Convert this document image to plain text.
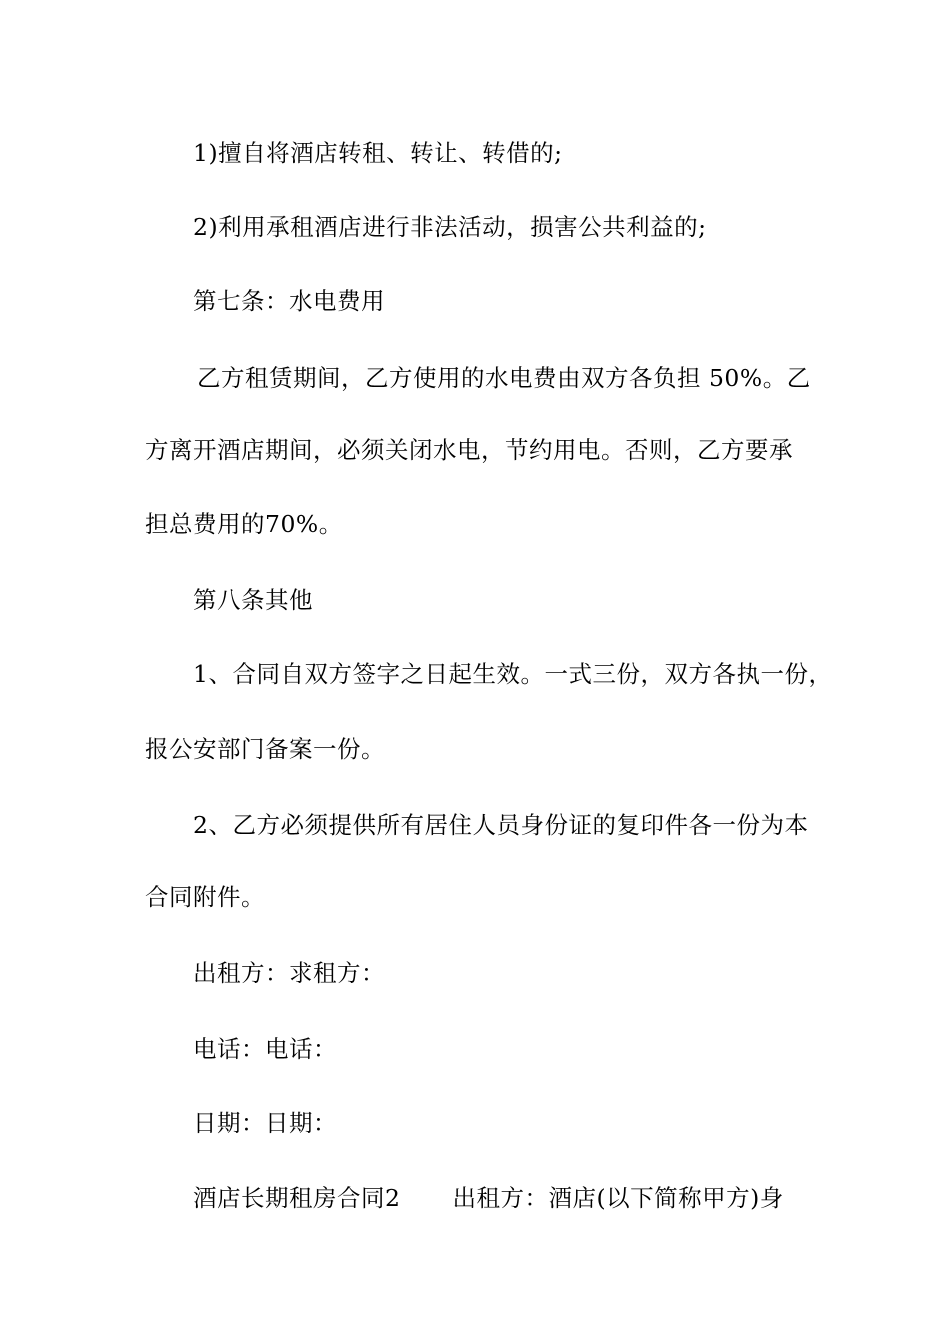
1)擅自将酒店转租、转让、转借的;
2)利用承租酒店进行非法活动，损害公共利益的;
第七条：水电费用
乙方租赁期间，乙方使用的水电费由双方各负担 50%。乙
方离开酒店期间，必须关闭水电，节约用电。否则，乙方要承
担总费用的70%。
第八条其他
1、合同自双方签字之日起生效。一式三份，双方各执一份，
报公安部门备案一份。
2、乙方必须提供所有居住人员身份证的复印件各一份为本
合同附件。
出租方：求租方：
电话：电话：
日期：日期：
酒店长期租房合同2 出租方：酒店(以下简称甲方)身
